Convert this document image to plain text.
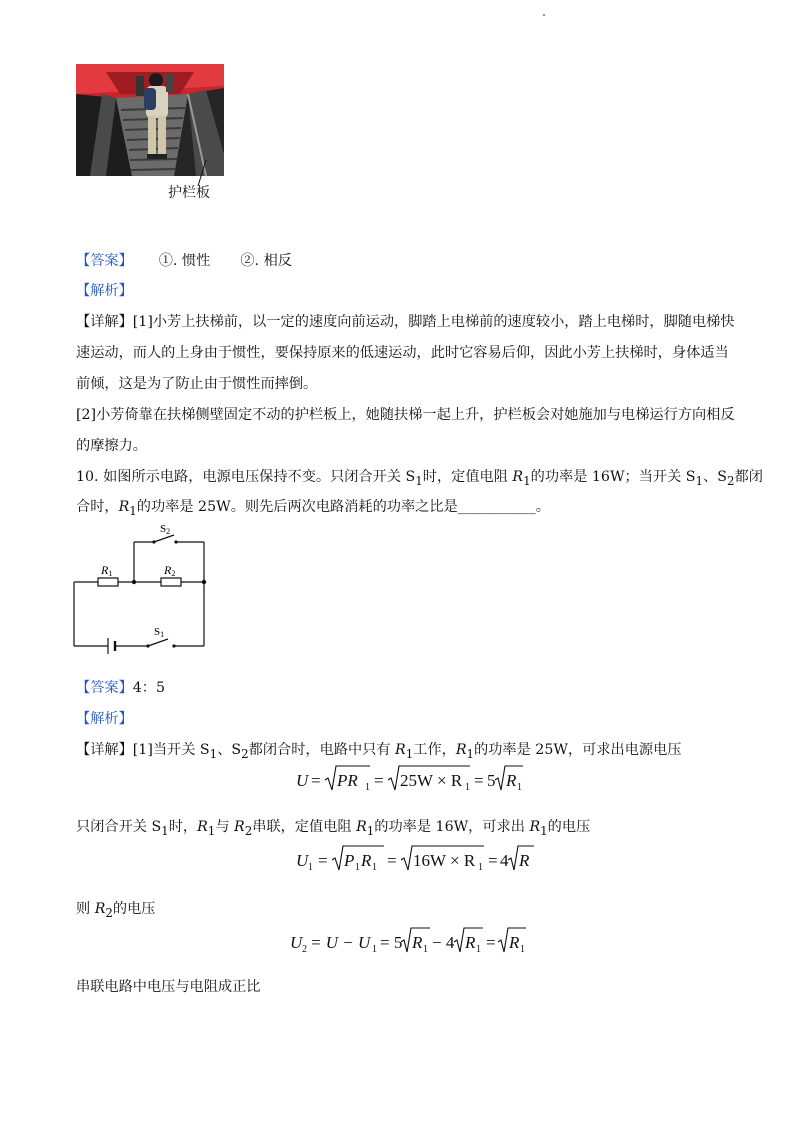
护栏板
【答案】 ①. 惯性 ②. 相反
【解析】
【详解】[1]小芳上扶梯前，以一定的速度向前运动，脚踏上电梯前的速度较小，踏上电梯时，脚随电梯快
速运动，而人的上身由于惯性，要保持原来的低速运动，此时它容易后仰，因此小芳上扶梯时，身体适当
前倾，这是为了防止由于惯性而摔倒。
[2]小芳倚靠在扶梯侧壁固定不动的护栏板上，她随扶梯一起上升，护栏板会对她施加与电梯运行方向相反
的摩擦力。
10. 如图所示电路，电源电压保持不变。只闭合开关 $S_1$时，定值电阻 $R_1$的功率是 16W；当开关 $S_1$、$S_2$都闭
合时，$R_1$的功率是 25W。则先后两次电路消耗的功率之比是___________。
R1	R2
S2
S1
【答案】4：5
【解析】
【详解】[1]当开关 $S_1$、$S_2$都闭合时，电路中只有 $R_1$工作，$R_1$的功率是 25W，可求出电源电压
U = PR 1 = 25W × R 1 = 5 R 1
只闭合开关 $S_1$时，$R_1$与 $R_2$串联，定值电阻 $R_1$的功率是 16W，可求出 $R_1$的电压
U 1 = P 1 R 1 = 16W × R 1 = 4 R
则 $R_2$的电压
U 2 = U − U 1 = 5 R 1 − 4 R 1 = R 1
串联电路中电压与电阻成正比
